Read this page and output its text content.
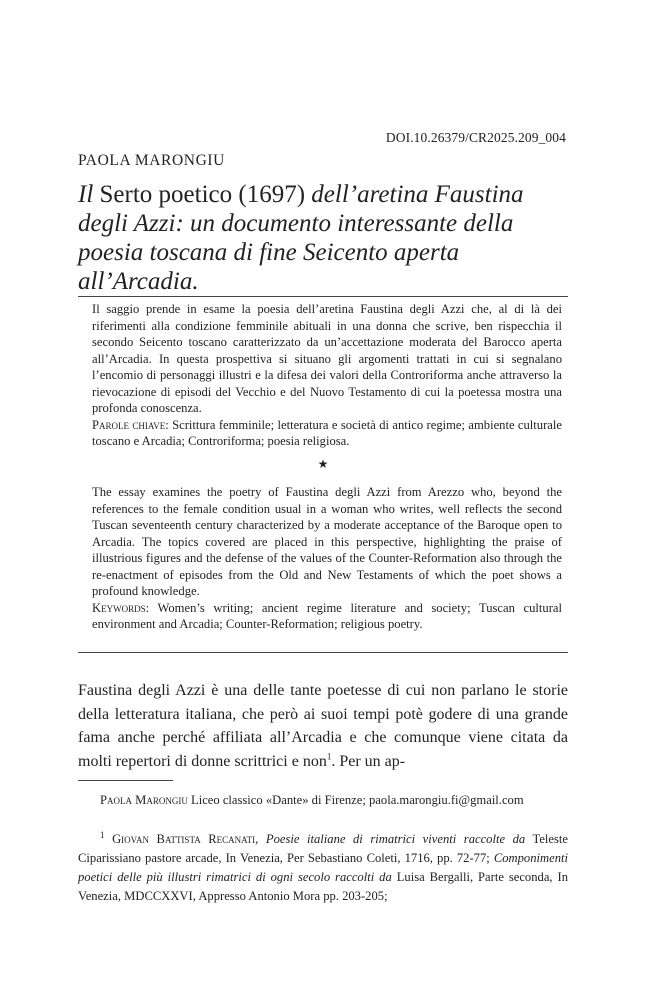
DOI.10.26379/CR2025.209_004
PAOLA MARONGIU
Il Serto poetico (1697) dell’aretina Faustina degli Azzi: un documento interessante della poesia toscana di fine Seicento aperta all’Arcadia.

Il saggio prende in esame la poesia dell’aretina Faustina degli Azzi che, al di là dei riferimenti alla condizione femminile abituali in una donna che scrive, ben rispecchia il secondo Seicento toscano caratterizzato da un’accettazione moderata del Barocco aperta all’Arcadia. In questa prospettiva si situano gli argomenti trattati in cui si segnalano l’encomio di personaggi illustri e la difesa dei valori della Controriforma anche attraverso la rievocazione di episodi del Vecchio e del Nuovo Testamento di cui la poetessa mostra una profonda conoscenza.
Parole chiave: Scrittura femminile; letteratura e società di antico regime; ambiente culturale toscano e Arcadia; Controriforma; poesia religiosa.

★

The essay examines the poetry of Faustina degli Azzi from Arezzo who, beyond the references to the female condition usual in a woman who writes, well reflects the second Tuscan seventeenth century characterized by a moderate acceptance of the Baroque open to Arcadia. The topics covered are placed in this perspective, highlighting the praise of illustrious figures and the defense of the values of the Counter-Reformation also through the re-enactment of episodes from the Old and New Testaments of which the poet shows a profound knowledge.
Keywords: Women’s writing; ancient regime literature and society; Tuscan cultural environment and Arcadia; Counter-Reformation; religious poetry.

Faustina degli Azzi è una delle tante poetesse di cui non parlano le storie della letteratura italiana, che però ai suoi tempi potè godere di una grande fama anche perché affiliata all’Arcadia e che comunque viene citata da molti repertori di donne scrittrici e non$^1$. Per un ap-

Paola Marongiu Liceo classico «Dante» di Firenze; paola.marongiu.fi@gmail.com

$^1$ Giovan Battista Recanati, Poesie italiane di rimatrici viventi raccolte da Teleste Ciparissiano pastore arcade, In Venezia, Per Sebastiano Coleti, 1716, pp. 72-77; Componimenti poetici delle più illustri rimatrici di ogni secolo raccolti da Luisa Bergalli, Parte seconda, In Venezia, MDCCXXVI, Appresso Antonio Mora pp. 203-205;
